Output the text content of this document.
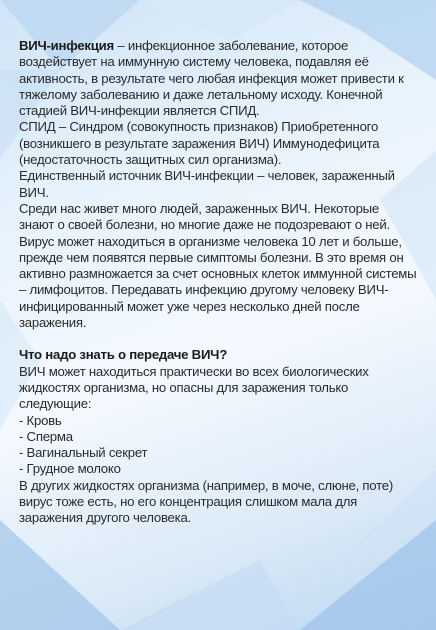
ВИЧ-инфекция – инфекционное заболевание, которое воздействует на иммунную систему человека, подавляя её активность, в результате чего любая инфекция может привести к тяжелому заболеванию и даже летальному исходу. Конечной стадией ВИЧ-инфекции является СПИД.

СПИД – Синдром (совокупность признаков) Приобретенного (возникшего в результате заражения ВИЧ) Иммунодефицита (недостаточность защитных сил организма).

Единственный источник ВИЧ-инфекции – человек, зараженный ВИЧ.

Среди нас живет много людей, зараженных ВИЧ. Некоторые знают о своей болезни, но многие даже не подозревают о ней. Вирус может находиться в организме человека 10 лет и больше, прежде чем появятся первые симптомы болезни. В это время он активно размножается за счет основных клеток иммунной системы – лимфоцитов. Передавать инфекцию другому человеку ВИЧ-инфицированный может уже через несколько дней после заражения.

Что надо знать о передаче ВИЧ?

ВИЧ может находиться практически во всех биологических жидкостях организма, но опасны для заражения только следующие:

- Кровь
- Сперма
- Вагинальный секрет
- Грудное молоко

В других жидкостях организма (например, в моче, слюне, поте) вирус тоже есть, но его концентрация слишком мала для заражения другого человека.
